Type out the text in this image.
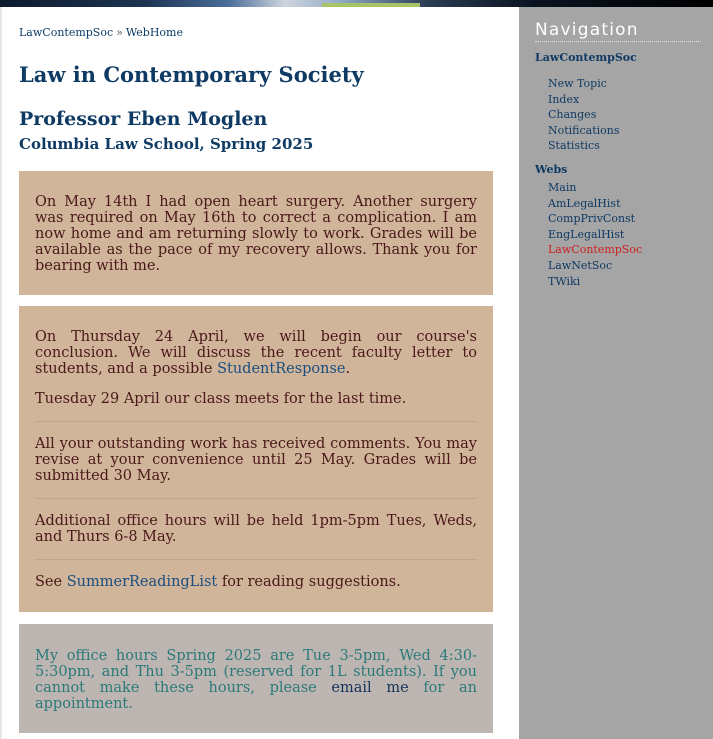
LawContempSoc » WebHome
Law in Contemporary Society
Professor Eben Moglen
Columbia Law School, Spring 2025

On May 14th I had open heart surgery. Another surgery was required on May 16th to correct a complication. I am now home and am returning slowly to work. Grades will be available as the pace of my recovery allows. Thank you for bearing with me.

On Thursday 24 April, we will begin our course's conclusion. We will discuss the recent faculty letter to students, and a possible StudentResponse.

Tuesday 29 April our class meets for the last time.

All your outstanding work has received comments. You may revise at your convenience until 25 May. Grades will be submitted 30 May.

Additional office hours will be held 1pm-5pm Tues, Weds, and Thurs 6-8 May.

See SummerReadingList for reading suggestions.

My office hours Spring 2025 are Tue 3-5pm, Wed 4:30-5:30pm, and Thu 3-5pm (reserved for 1L students). If you cannot make these hours, please email me for an appointment.

Navigation
LawContempSoc
New Topic
Index
Changes
Notifications
Statistics
Webs
Main
AmLegalHist
CompPrivConst
EngLegalHist
LawContempSoc
LawNetSoc
TWiki
